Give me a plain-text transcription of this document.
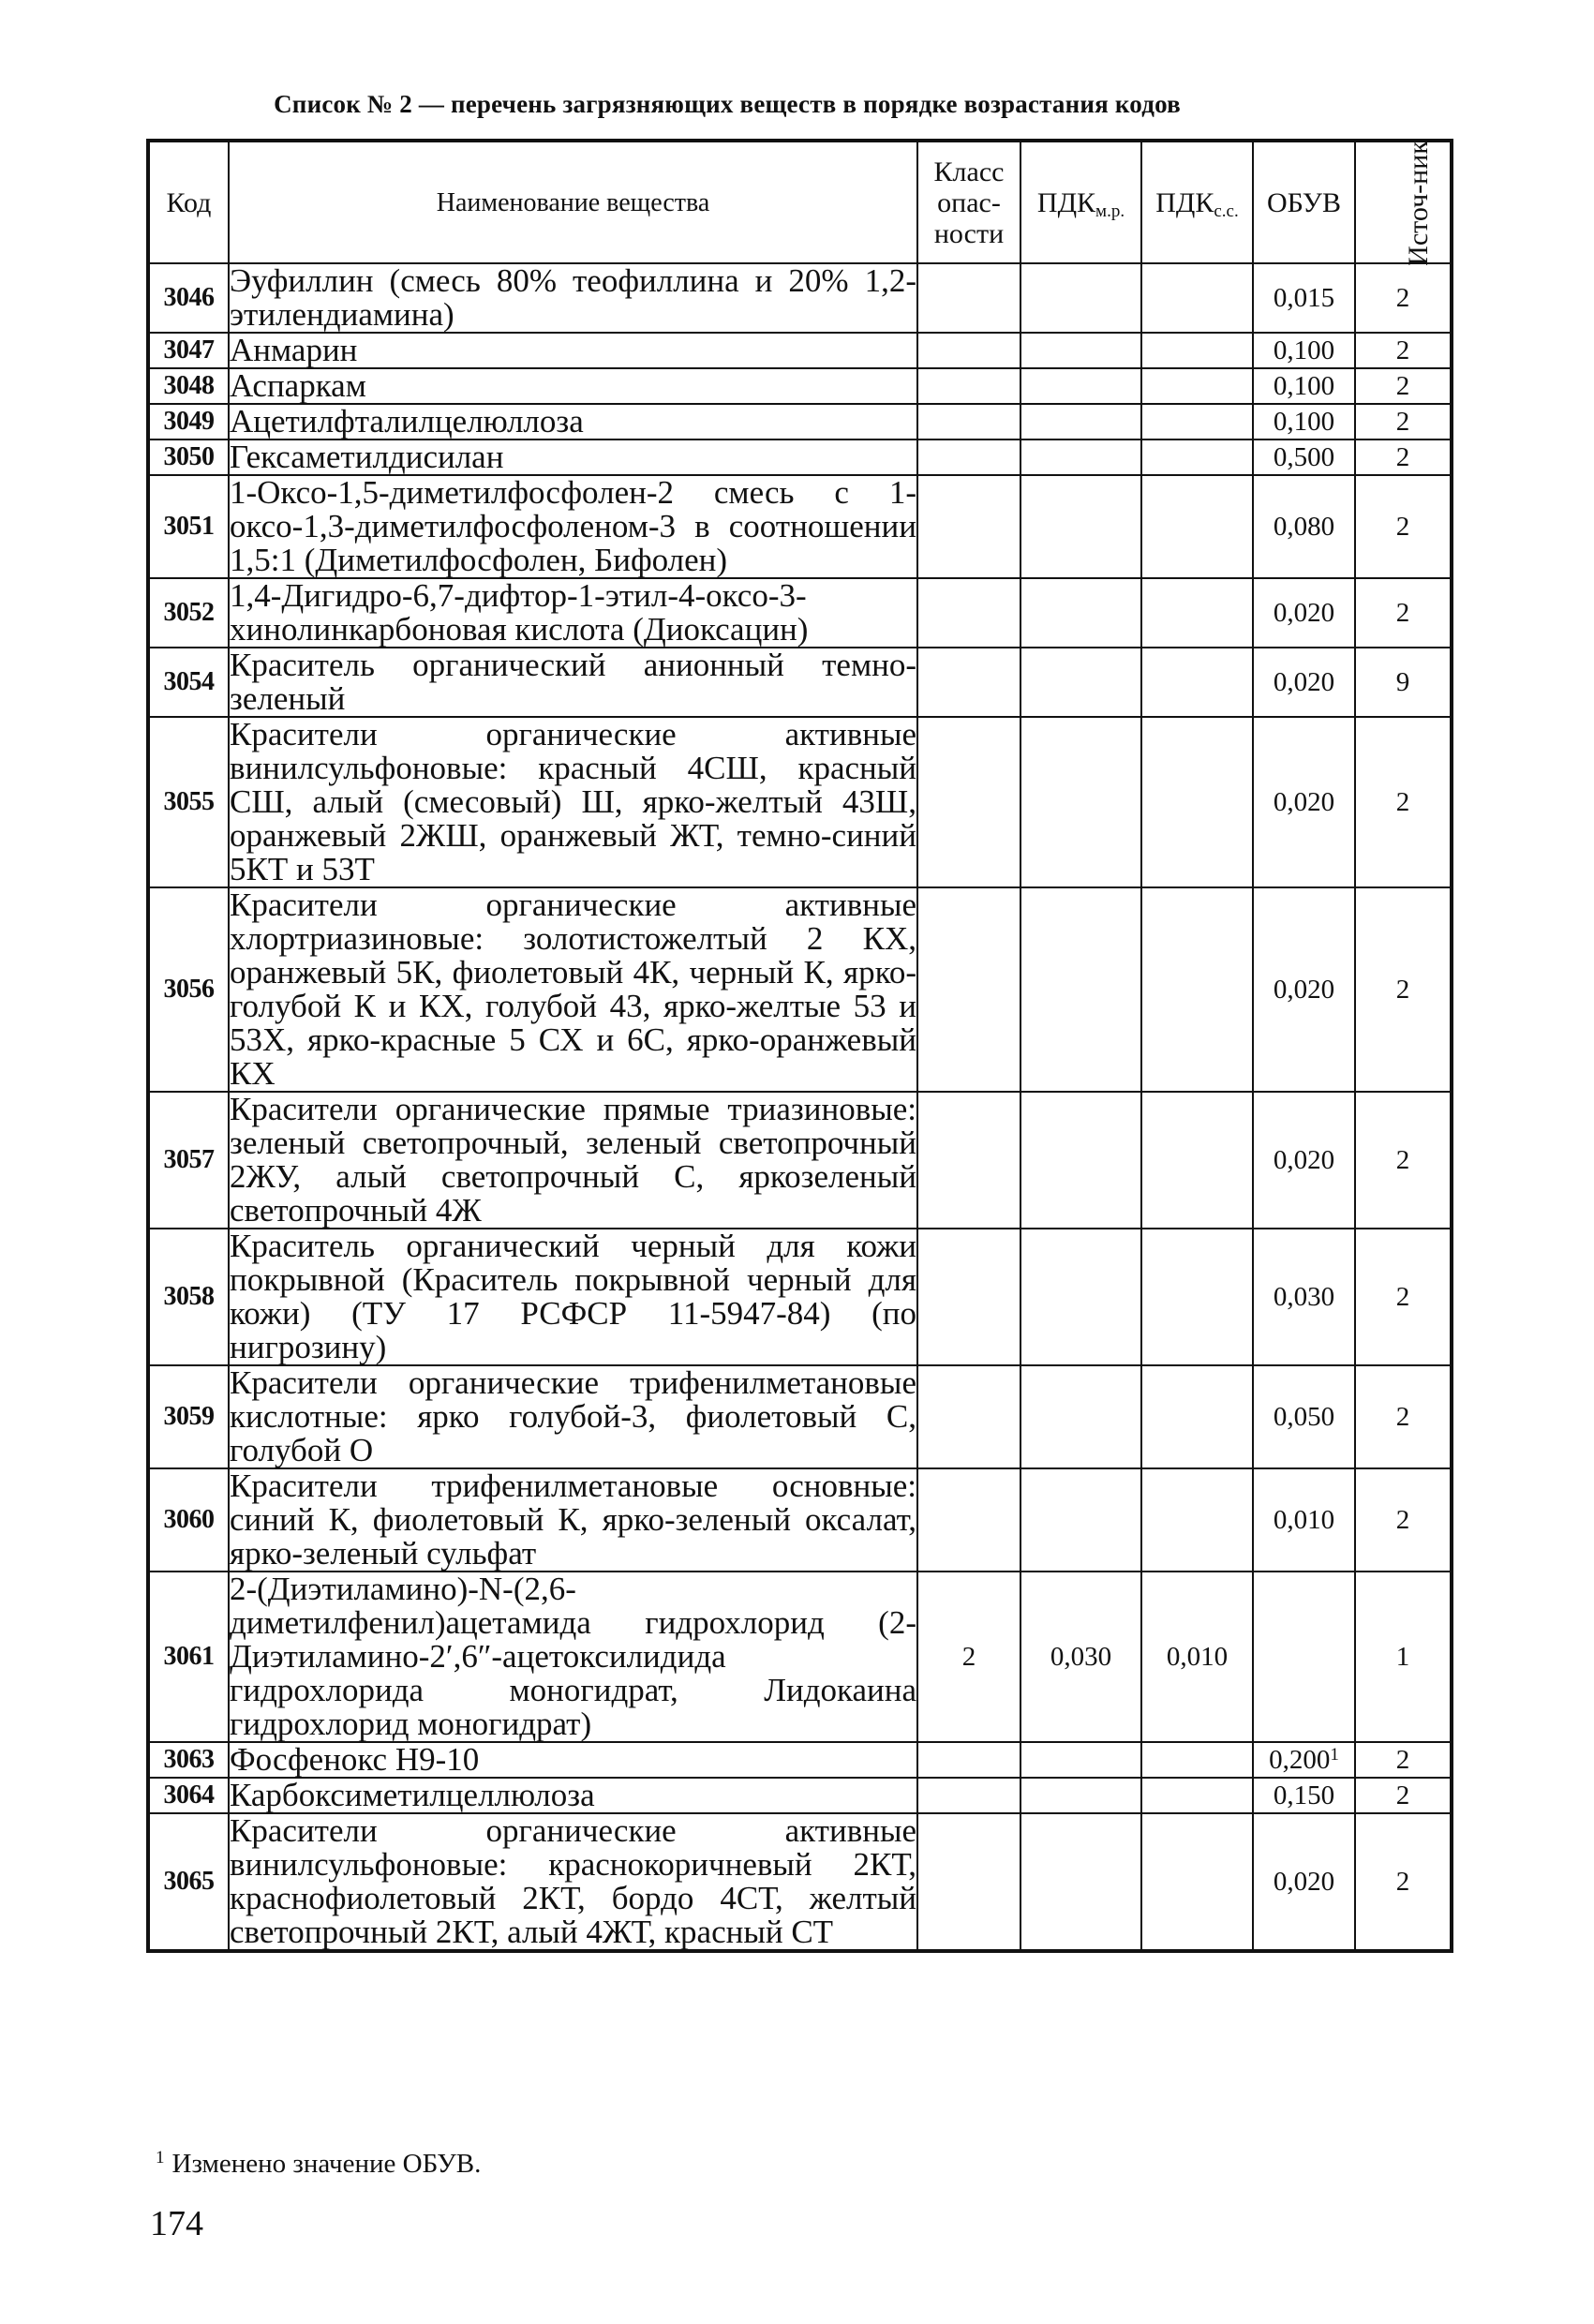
Список № 2 — перечень загрязняющих веществ в порядке возрастания кодов
Код	Наименование вещества	Класс опас-ности	$ПДК_{м.р.}$	$ПДК_{с.с.}$	ОБУВ	Источ-ник
3046	Эуфиллин (смесь 80% теофиллина и 20% 1,2-этилендиамина)				0,015	2
3047	Анмарин				0,100	2
3048	Аспаркам				0,100	2
3049	Ацетилфталилцелюллоза				0,100	2
3050	Гексаметилдисилан				0,500	2
3051	1-Оксо-1,5-диметилфосфолен-2 смесь с 1-оксо-1,3-диметилфосфоленом-3 в соотношении 1,5:1 (Диметилфосфолен, Бифолен)				0,080	2
3052	1,4-Дигидро-6,7-дифтор-1-этил-4-оксо-3-хинолинкарбоновая кислота (Диоксацин)				0,020	2
3054	Краситель органический анионный темно-зеленый				0,020	9
3055	Красители органические активные винилсульфоновые: красный 4СШ, красный СШ, алый (смесовый) Ш, ярко-желтый 43Ш, оранжевый 2ЖШ, оранжевый ЖТ, темно-синий 5КТ и 53Т				0,020	2
3056	Красители органические активные хлортриазиновые: золотистожелтый 2 КХ, оранжевый 5К, фиолетовый 4К, черный К, ярко-голубой К и КХ, голубой 43, ярко-желтые 53 и 53Х, ярко-красные 5 СХ и 6С, ярко-оранжевый КХ				0,020	2
3057	Красители органические прямые триазиновые: зеленый светопрочный, зеленый светопрочный 2ЖУ, алый светопрочный С, яркозеленый светопрочный 4Ж				0,020	2
3058	Краситель органический черный для кожи покрывной (Краситель покрывной черный для кожи) (ТУ 17 РСФСР 11-5947-84) (по нигрозину)				0,030	2
3059	Красители органические трифенилметановые кислотные: ярко голубой-3, фиолетовый С, голубой О				0,050	2
3060	Красители трифенилметановые основные: синий К, фиолетовый К, ярко-зеленый оксалат, ярко-зеленый сульфат				0,010	2
3061	2-(Диэтиламино)-N-(2,6-диметилфенил)ацетамида гидрохлорид (2-Диэтиламино-2′,6″-ацетоксилидида гидрохлорида моногидрат, Лидокаина гидрохлорид моногидрат)	2	0,030	0,010		1
3063	Фосфенокс Н9-10				0,200$^1$	2
3064	Карбоксиметилцеллюлоза				0,150	2
3065	Красители органические активные винилсульфоновые: краснокоричневый 2КТ, краснофиолетовый 2КТ, бордо 4СТ, желтый светопрочный 2КТ, алый 4ЖТ, красный СТ				0,020	2
$^1$ Изменено значение ОБУВ.
174
